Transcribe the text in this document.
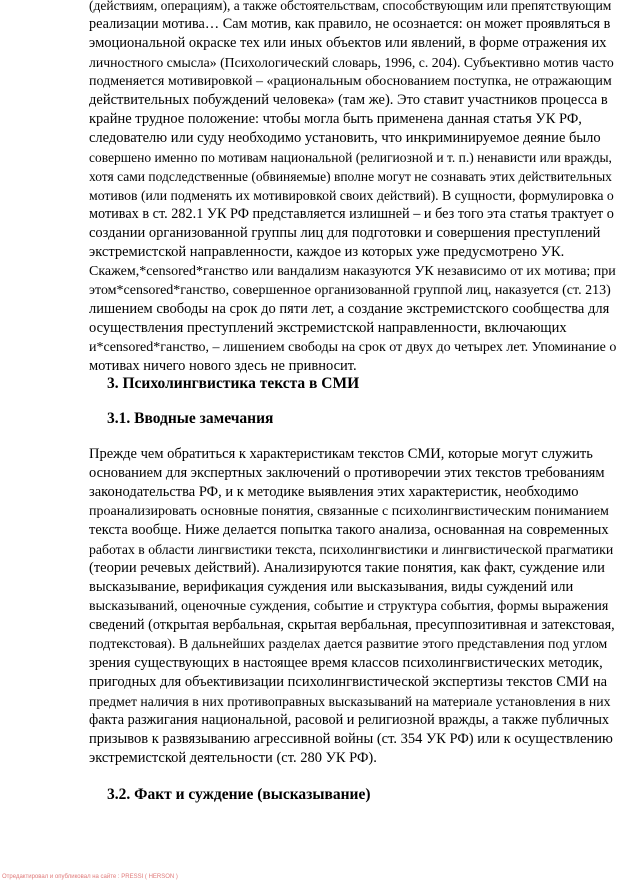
(действиям, операциям), а также обстоятельствам, способствующим или препятствующим
реализации мотива… Сам мотив, как правило, не осознается: он может проявляться в
эмоциональной окраске тех или иных объектов или явлений, в форме отражения их
личностного смысла» (Психологический словарь, 1996, с. 204). Субъективно мотив часто
подменяется мотивировкой – «рациональным обоснованием поступка, не отражающим
действительных побуждений человека» (там же). Это ставит участников процесса в
крайне трудное положение: чтобы могла быть применена данная статья УК РФ,
следователю или суду необходимо установить, что инкриминируемое деяние было
совершено именно по мотивам национальной (религиозной и т. п.) ненависти или вражды,
хотя сами подследственные (обвиняемые) вполне могут не сознавать этих действительных
мотивов (или подменять их мотивировкой своих действий). В сущности, формулировка о
мотивах в ст. 282.1 УК РФ представляется излишней – и без того эта статья трактует о
создании организованной группы лиц для подготовки и совершения преступлений
экстремистской направленности, каждое из которых уже предусмотрено УК.
Скажем,*censored*ганство или вандализм наказуются УК независимо от их мотива; при
этом*censored*ганство, совершенное организованной группой лиц, наказуется (ст. 213)
лишением свободы на срок до пяти лет, а создание экстремистского сообщества для
осуществления преступлений экстремистской направленности, включающих
и*censored*ганство, – лишением свободы на срок от двух до четырех лет. Упоминание о
мотивах ничего нового здесь не привносит.
3. Психолингвистика текста в СМИ
3.1. Вводные замечания
Прежде чем обратиться к характеристикам текстов СМИ, которые могут служить
основанием для экспертных заключений о противоречии этих текстов требованиям
законодательства РФ, и к методике выявления этих характеристик, необходимо
проанализировать основные понятия, связанные с психолингвистическим пониманием
текста вообще. Ниже делается попытка такого анализа, основанная на современных
работах в области лингвистики текста, психолингвистики и лингвистической прагматики
(теории речевых действий). Анализируются такие понятия, как факт, суждение или
высказывание, верификация суждения или высказывания, виды суждений или
высказываний, оценочные суждения, событие и структура события, формы выражения
сведений (открытая вербальная, скрытая вербальная, пресуппозитивная и затекстовая,
подтекстовая). В дальнейших разделах дается развитие этого представления под углом
зрения существующих в настоящее время классов психолингвистических методик,
пригодных для объективизации психолингвистической экспертизы текстов СМИ на
предмет наличия в них противоправных высказываний на материале установления в них
факта разжигания национальной, расовой и религиозной вражды, а также публичных
призывов к развязыванию агрессивной войны (ст. 354 УК РФ) или к осуществлению
экстремистской деятельности (ст. 280 УК РФ).
3.2. Факт и суждение (высказывание)
Отредактировал и опубликовал на сайте : PRESSI ( HERSON )
